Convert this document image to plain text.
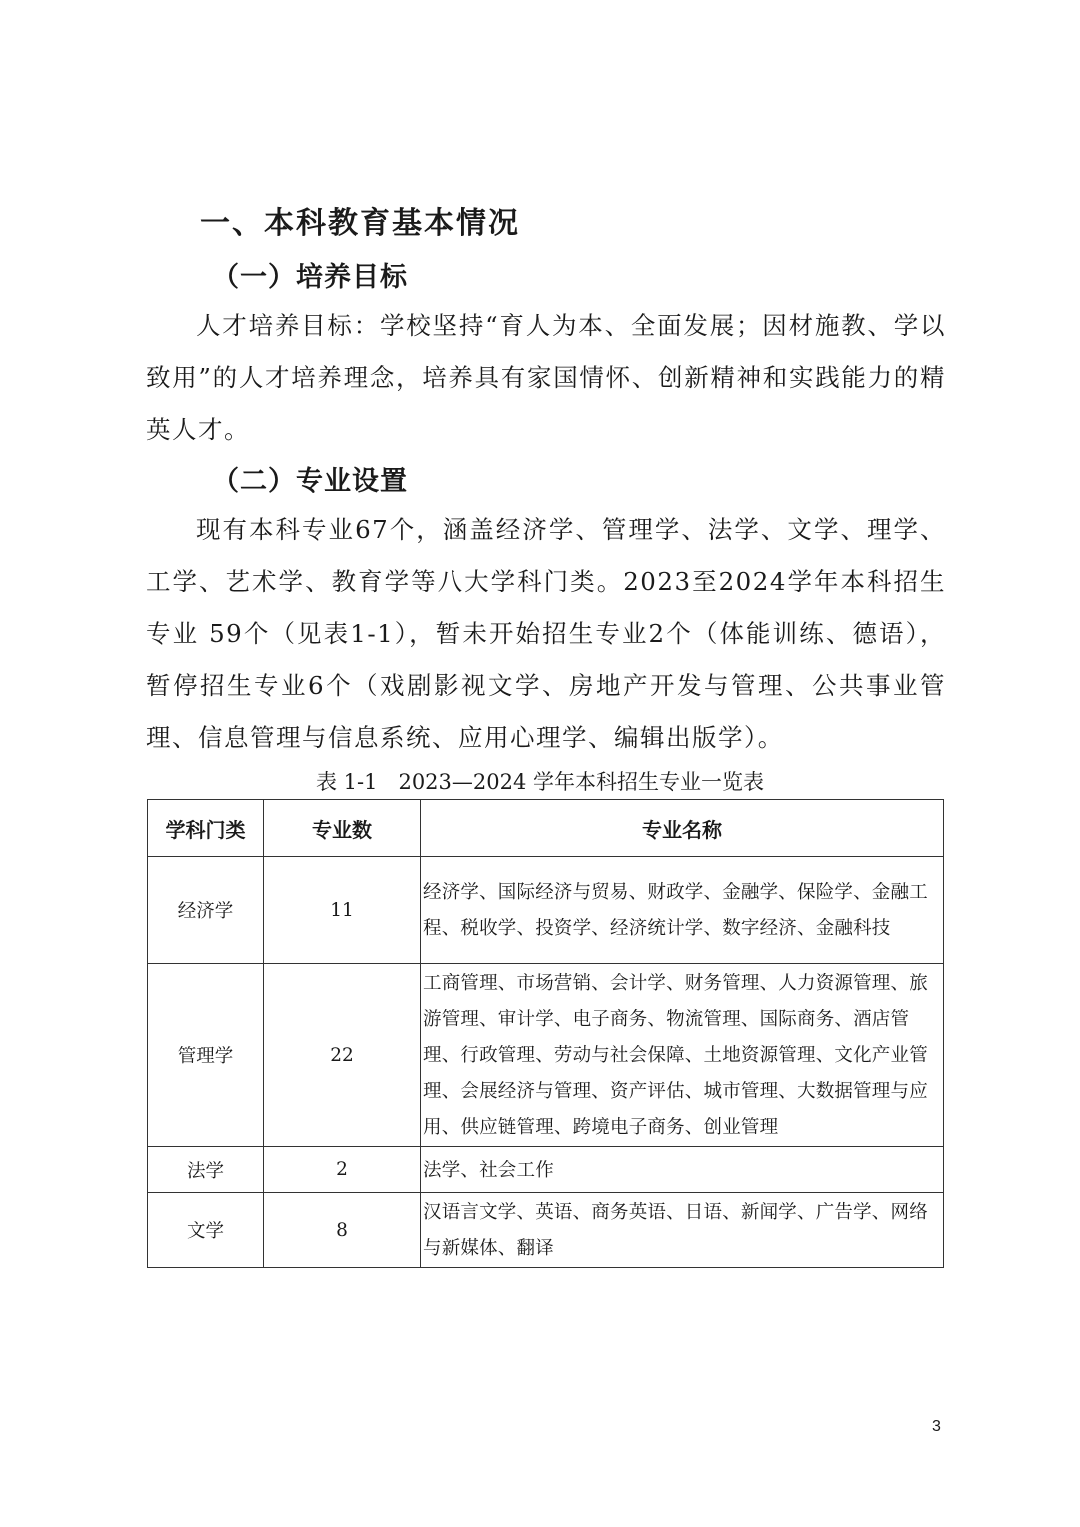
一、本科教育基本情况
（一）培养目标

人才培养目标：学校坚持“育人为本、全面发展；因材施教、学以致用”的人才培养理念，培养具有家国情怀、创新精神和实践能力的精英人才。

（二）专业设置

现有本科专业67个，涵盖经济学、管理学、法学、文学、理学、工学、艺术学、教育学等八大学科门类。2023至2024学年本科招生专业 59个（见表1-1），暂未开始招生专业2个（体能训练、德语），暂停招生专业6个（戏剧影视文学、房地产开发与管理、公共事业管理、信息管理与信息系统、应用心理学、编辑出版学）。

表 1-1　2023—2024 学年本科招生专业一览表
学科门类	专业数	专业名称
经济学	11	经济学、国际经济与贸易、财政学、金融学、保险学、金融工程、税收学、投资学、经济统计学、数字经济、金融科技
管理学	22	工商管理、市场营销、会计学、财务管理、人力资源管理、旅　游管理、审计学、电子商务、物流管理、国际商务、酒店管理、行政管理、劳动与社会保障、土地资源管理、文化产业管理、会展经济与管理、资产评估、城市管理、大数据管理与应用、供应链管理、跨境电子商务、创业管理
法学	2	法学、社会工作
文学	8	汉语言文学、英语、商务英语、日语、新闻学、广告学、网络与新媒体、翻译
3
